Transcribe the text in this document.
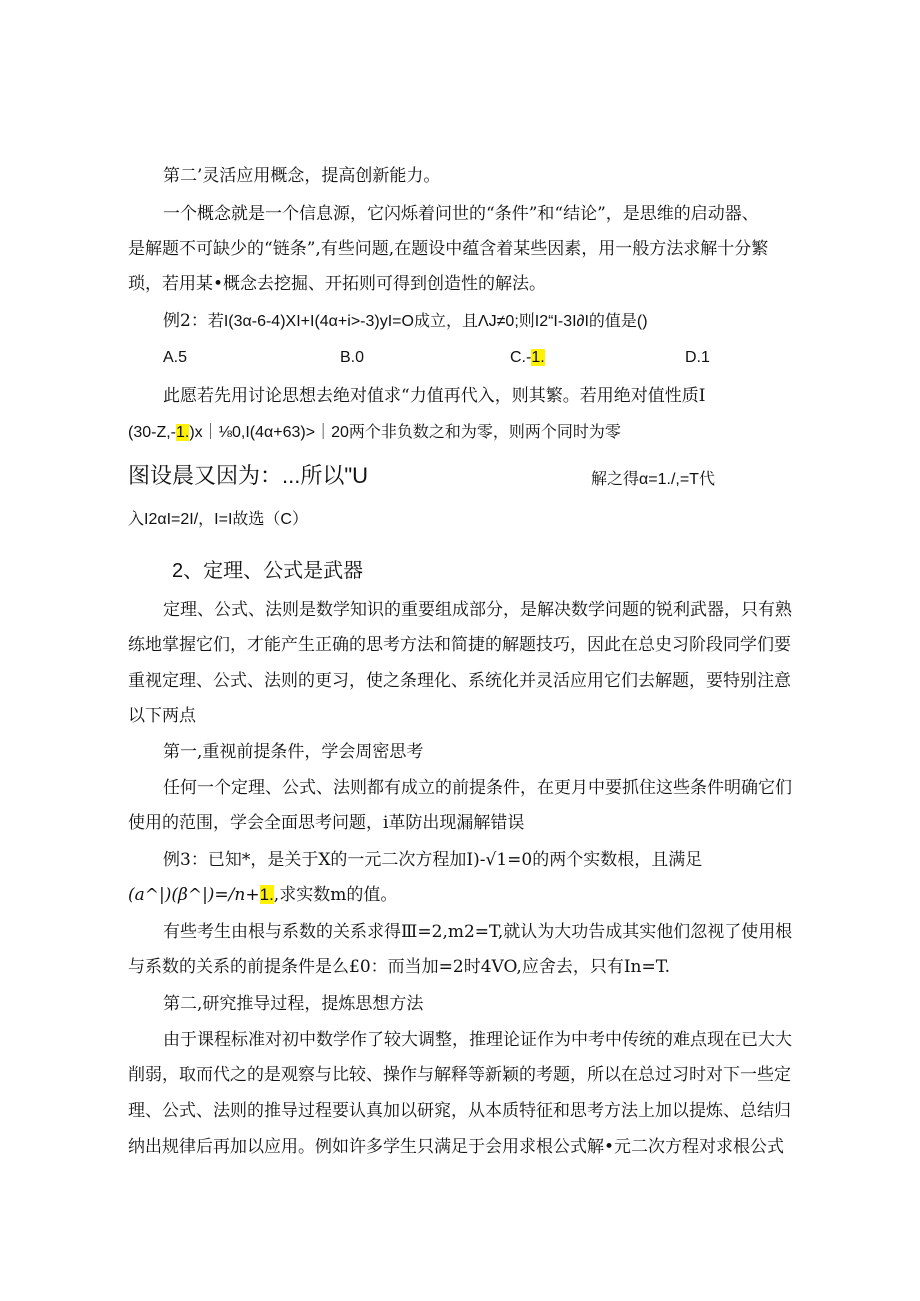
第二’灵活应用概念，提高创新能力。
一个概念就是一个信息源，它闪烁着问世的“条件”和“结论”，是思维的启动器、
是解题不可缺少的“链条”,有些问题,在题设中蕴含着某些因素，用一般方法求解十分繁
琐，若用某•概念去挖掘、开拓则可得到创造性的解法。
例2：若I(3α-6-4)XI+I(4α+i>-3)yI=O成立，且ΛJ≠0;则I2“I-3I∂I的值是()
A.5	B.0	C.-1.	D.1
此愿若先用讨论思想去绝对值求“力值再代入，则其繁。若用绝对值性质I
(30-Z,-1.)x｜⅛0,I(4α+63)>｜20两个非负数之和为零，则两个同时为零
图设晨又因为：...所以"U	解之得α=1./,=T代
入I2αI=2I/，I=I故选（C）
2、定理、公式是武器
定理、公式、法则是数学知识的重要组成部分，是解决数学问题的锐利武器，只有熟
练地掌握它们，才能产生正确的思考方法和简捷的解题技巧，因此在总史习阶段同学们要
重视定理、公式、法则的更习，使之条理化、系统化并灵活应用它们去解题，要特别注意
以下两点
第一,重视前提条件，学会周密思考
任何一个定理、公式、法则都有成立的前提条件，在更月中要抓住这些条件明确它们
使用的范围，学会全面思考问题，i革防出现漏解错误
例3：已知*，是关于X的一元二次方程加I)-√1=0的两个实数根，且满足
(a^|)(β^|)=/n+1.,求实数m的值。
有些考生由根与系数的关系求得Ⅲ=2,m2=T,就认为大功告成其实他们忽视了使用根
与系数的关系的前提条件是么£0：而当加=2时4VO,应舍去，只有In=T.
第二,研究推导过程，提炼思想方法
由于课程标准对初中数学作了较大调整，推理论证作为中考中传统的难点现在已大大
削弱，取而代之的是观察与比较、操作与解释等新颖的考题，所以在总过习时对下一些定
理、公式、法则的推导过程要认真加以研窕，从本质特征和思考方法上加以提炼、总结归
纳出规律后再加以应用。例如许多学生只满足于会用求根公式解•元二次方程对求根公式
